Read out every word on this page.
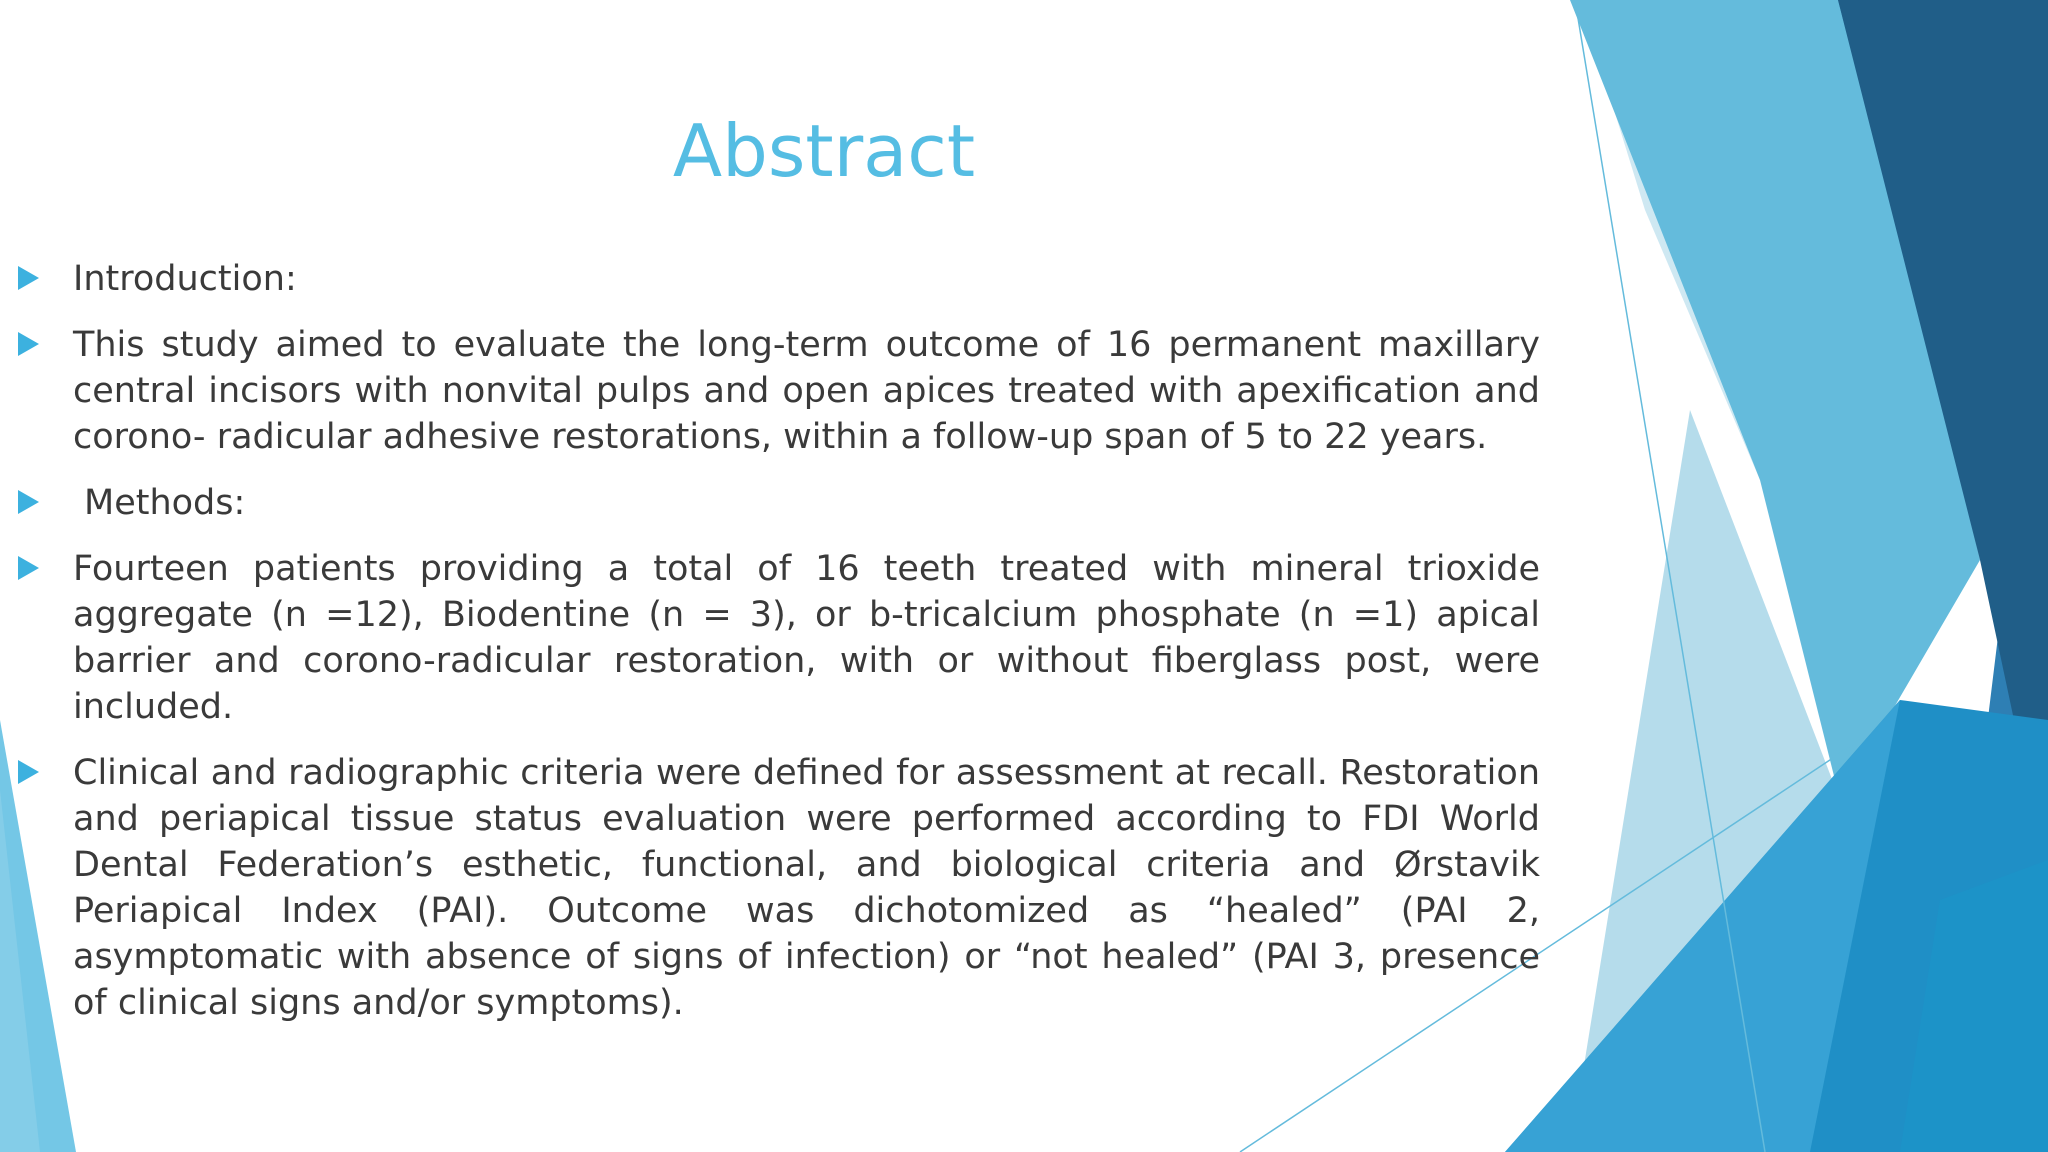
Abstract
Introduction:
This study aimed to evaluate the long-term outcome of 16 permanent maxillary central incisors with nonvital pulps and open apices treated with apexification and corono- radicular adhesive restorations, within a follow-up span of 5 to 22 years.
Methods:
Fourteen patients providing a total of 16 teeth treated with mineral trioxide aggregate (n =12), Biodentine (n = 3), or b-tricalcium phosphate (n =1) apical barrier and corono-radicular restoration, with or without fiberglass post, were included.
Clinical and radiographic criteria were defined for assessment at recall. Restoration and periapical tissue status evaluation were performed according to FDI World Dental Federation’s esthetic, functional, and biological criteria and Ørstavik Periapical Index (PAI). Outcome was dichotomized as “healed” (PAI 2, asymptomatic with absence of signs of infection) or “not healed” (PAI 3, presence of clinical signs and/or symptoms).
